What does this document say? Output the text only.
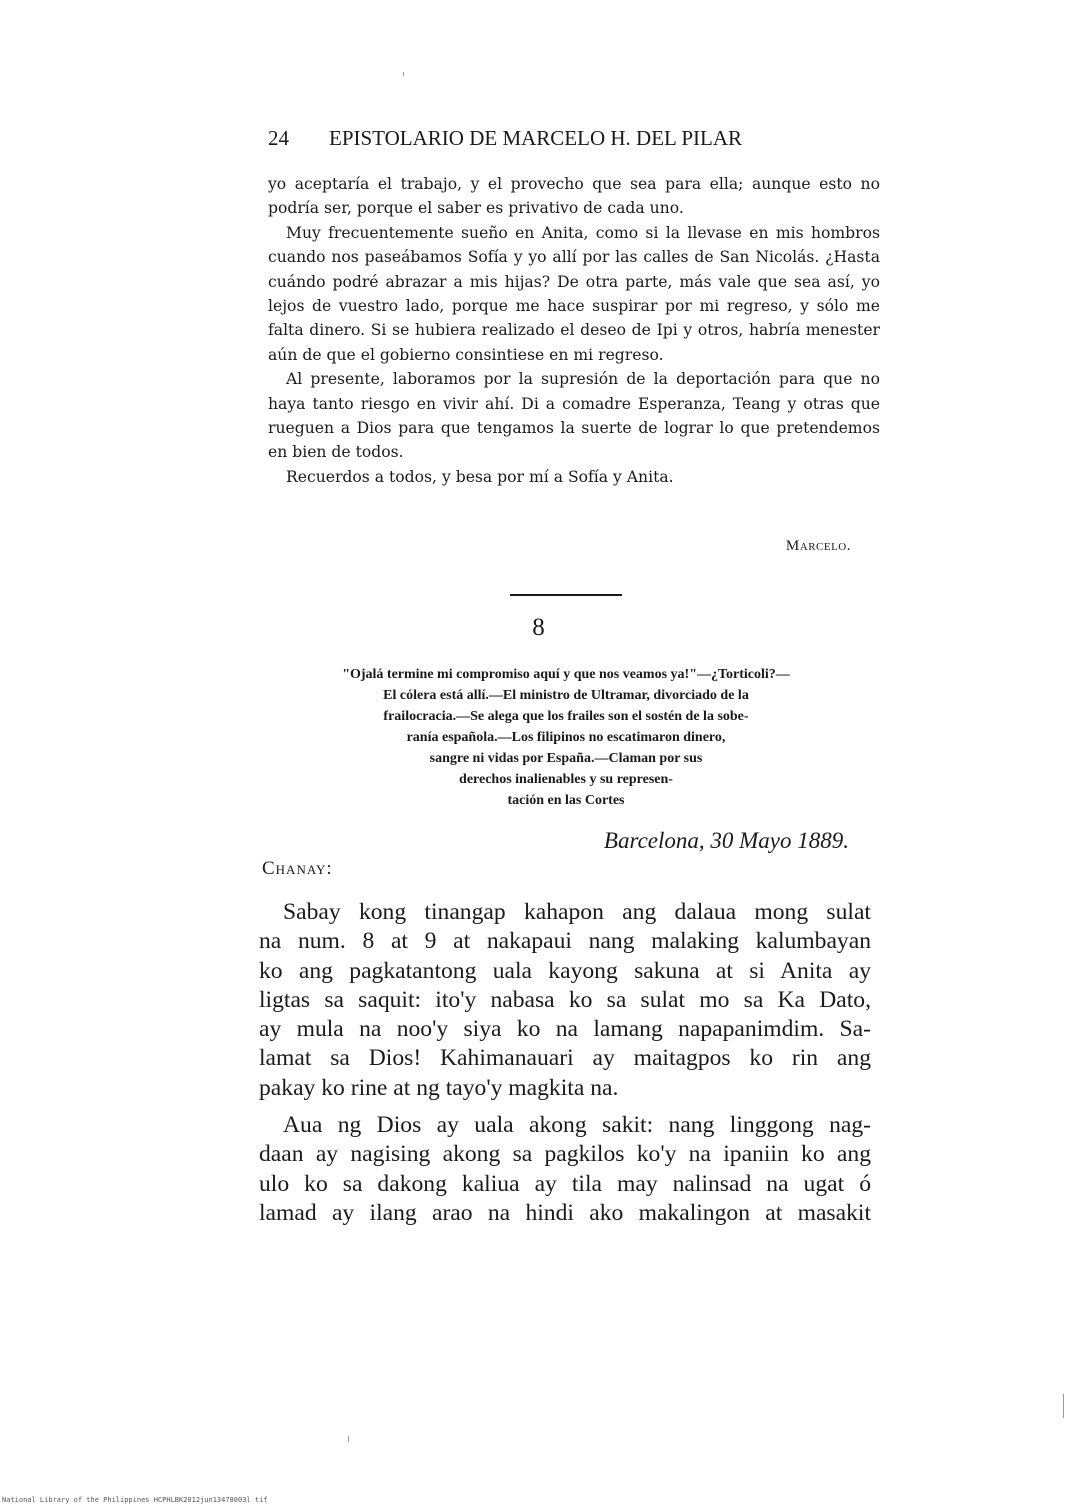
24 EPISTOLARIO DE MARCELO H. DEL PILAR

yo aceptaría el trabajo, y el provecho que sea para ella; aunque esto no podría ser, porque el saber es privativo de cada uno.

Muy frecuentemente sueño en Anita, como si la llevase en mis hombros cuando nos paseábamos Sofía y yo allí por las calles de San Nicolás. ¿Hasta cuándo podré abrazar a mis hijas? De otra parte, más vale que sea así, yo lejos de vuestro lado, porque me hace suspirar por mi regreso, y sólo me falta dinero. Si se hubiera realizado el deseo de Ipi y otros, habría menester aún de que el gobierno consintiese en mi regreso.

Al presente, laboramos por la supresión de la deportación para que no haya tanto riesgo en vivir ahí. Di a comadre Esperanza, Teang y otras que rueguen a Dios para que tengamos la suerte de lograr lo que pretendemos en bien de todos.

Recuerdos a todos, y besa por mí a Sofía y Anita.

Marcelo.
8
"Ojalá termine mi compromiso aquí y que nos veamos ya!"—¿Torticoli?—
El cólera está allí.—El ministro de Ultramar, divorciado de la
frailocracia.—Se alega que los frailes son el sostén de la sobe-
ranía española.—Los filipinos no escatimaron dinero,
sangre ni vidas por España.—Claman por sus
derechos inalienables y su represen-
tación en las Cortes
Barcelona, 30 Mayo 1889.
Chanay:

Sabay kong tinangap kahapon ang dalaua mong sulat
na num. 8 at 9 at nakapaui nang malaking kalumbayan
ko ang pagkatantong uala kayong sakuna at si Anita ay
ligtas sa saquit: ito'y nabasa ko sa sulat mo sa Ka Dato,
ay mula na noo'y siya ko na lamang napapanimdim. Sa-
lamat sa Dios! Kahimanauari ay maitagpos ko rin ang
pakay ko rine at ng tayo'y magkita na.

Aua ng Dios ay uala akong sakit: nang linggong nag-
daan ay nagising akong sa pagkilos ko'y na ipaniin ko ang
ulo ko sa dakong kaliua ay tila may nalinsad na ugat ó
lamad ay ilang arao na hindi ako makalingon at masakit

National Library of the Philippines HCPHLBK2012jun13478003l tif
